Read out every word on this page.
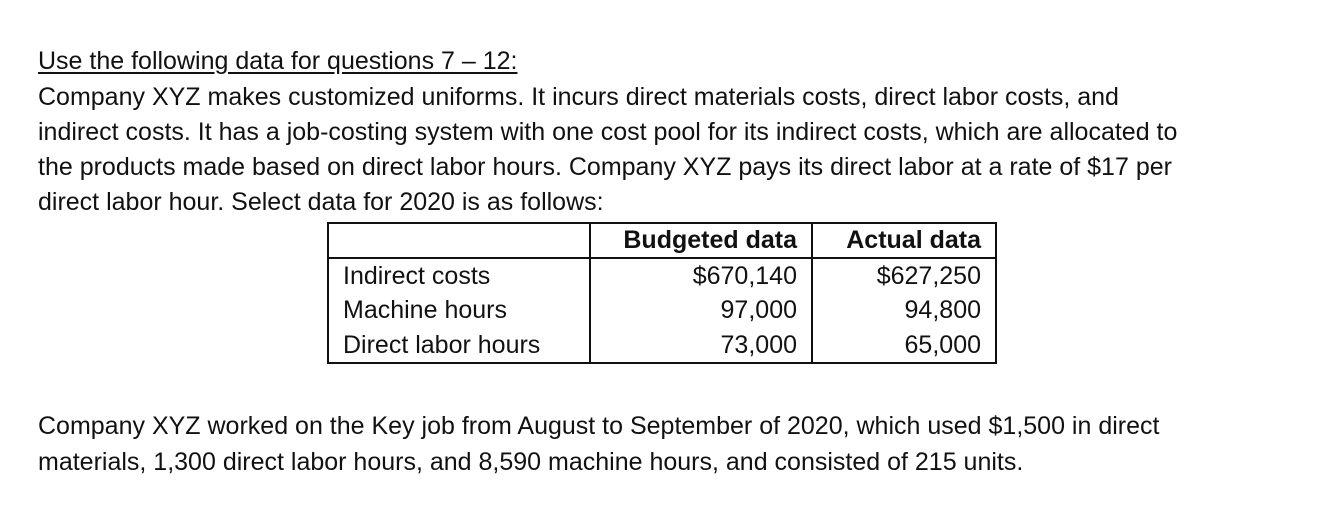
Use the following data for questions 7 – 12:
Company XYZ makes customized uniforms. It incurs direct materials costs, direct labor costs, and
indirect costs. It has a job-costing system with one cost pool for its indirect costs, which are allocated to
the products made based on direct labor hours. Company XYZ pays its direct labor at a rate of $17 per
direct labor hour. Select data for 2020 is as follows:
	Budgeted data	Actual data
Indirect costs	$670,140	$627,250
Machine hours	97,000	94,800
Direct labor hours	73,000	65,000
Company XYZ worked on the Key job from August to September of 2020, which used $1,500 in direct
materials, 1,300 direct labor hours, and 8,590 machine hours, and consisted of 215 units.
